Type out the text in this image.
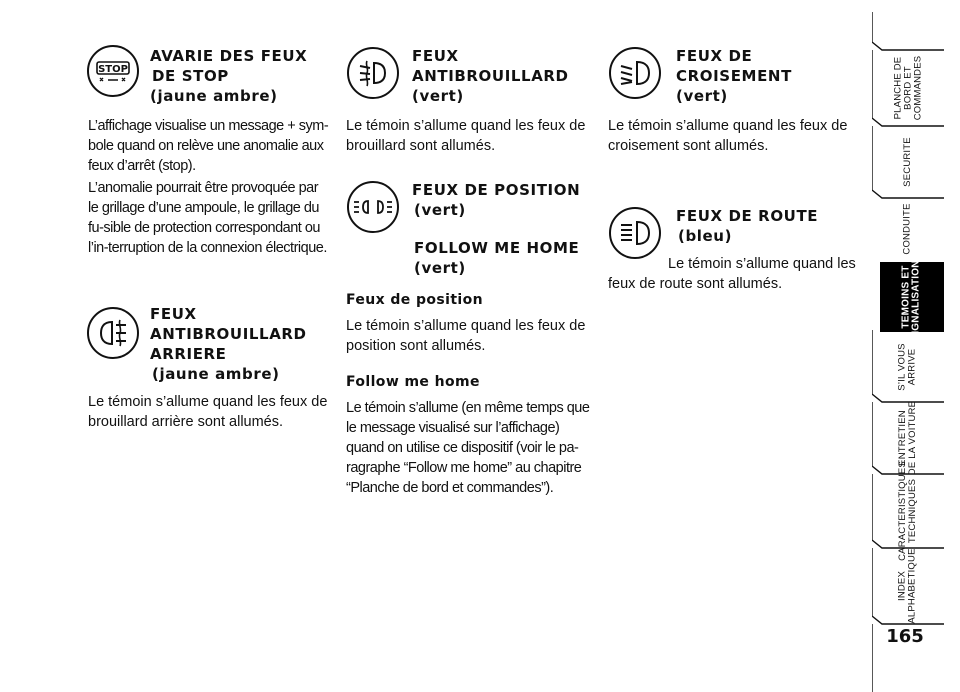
STOP
AVARIE DES FEUX
DE STOP
(jaune ambre)

L’affichage visualise un message + sym-bole quand on relève une anomalie aux feux d’arrêt (stop).

L’anomalie pourrait être provoquée par le grillage d’une ampoule, le grillage du fu-sible de protection correspondant ou l’in-terruption de la connexion électrique.

FEUX
ANTIBROUILLARD
ARRIERE
(jaune ambre)

Le témoin s’allume quand les feux de brouillard arrière sont allumés.

FEUX
ANTIBROUILLARD
(vert)

Le témoin s’allume quand les feux de brouillard sont allumés.

FEUX DE POSITION
(vert)
FOLLOW ME HOME
(vert)
Feux de position

Le témoin s’allume quand les feux de position sont allumés.

Follow me home

Le témoin s’allume (en même temps que le message visualisé sur l’affichage) quand on utilise ce dispositif (voir le pa-ragraphe “Follow me home” au chapitre “Planche de bord et commandes”).

FEUX DE
CROISEMENT
(vert)

Le témoin s’allume quand les feux de croisement sont allumés.

FEUX DE ROUTE
(bleu)

Le témoin s’allume quand les

feux de route sont allumés.

PLANCHE DE BORD ET COMMANDES
SECURITE
CONDUITE
TEMOINS ET SIGNALISATIONS
S’IL VOUS ARRIVE
ENTRETIEN DE LA VOITURE
CARACTERISTIQUES TECHNIQUES
INDEX ALPHABETIQUE
165
